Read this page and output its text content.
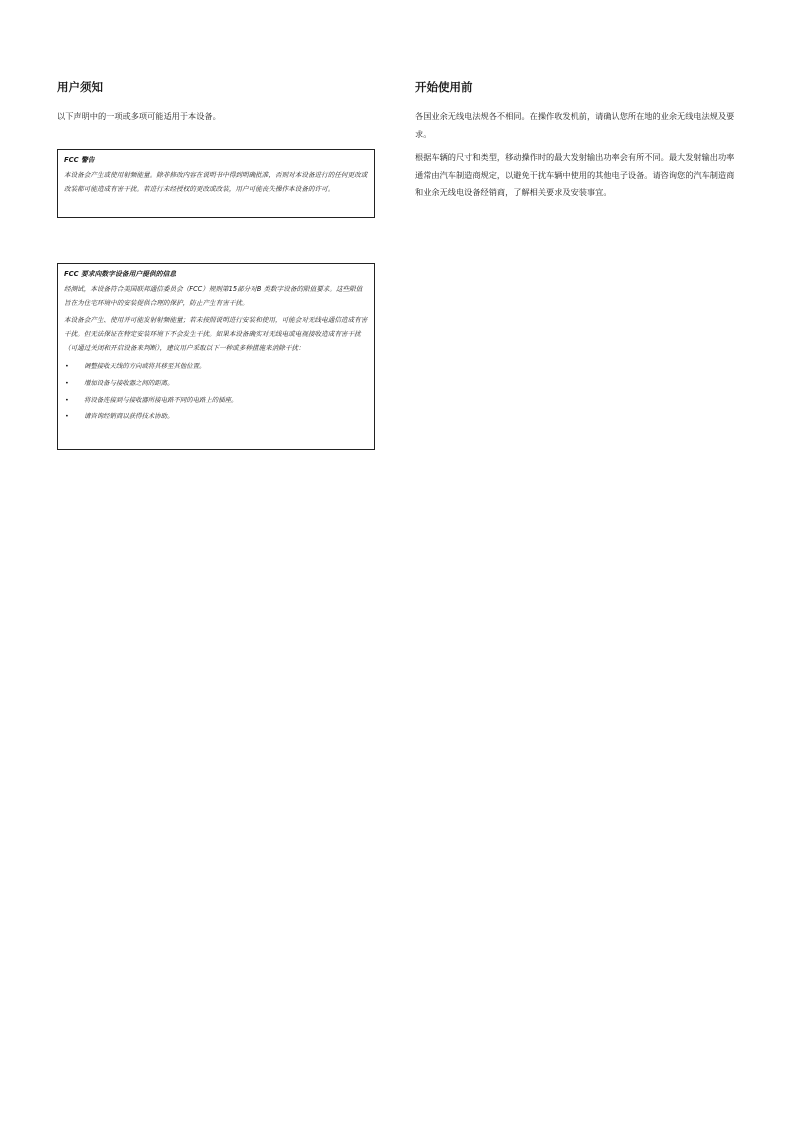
用户须知

以下声明中的一项或多项可能适用于本设备。

FCC 警告

本设备会产生或使用射频能量。除非修改内容在说明书中得到明确批准，否则对本设备进行的任何更改或改装都可能造成有害干扰。若进行未经授权的更改或改装，用户可能丧失操作本设备的许可。

FCC 要求向数字设备用户提供的信息

经测试，本设备符合美国联邦通信委员会（FCC）规则第15部分对B 类数字设备的限值要求。这些限值旨在为住宅环境中的安装提供合理的保护，防止产生有害干扰。

本设备会产生、使用并可能发射射频能量；若未按照说明进行安装和使用，可能会对无线电通信造成有害干扰。但无法保证在特定安装环境下不会发生干扰。如果本设备确实对无线电或电视接收造成有害干扰（可通过关闭和开启设备来判断），建议用户采取以下一种或多种措施来消除干扰：

• 调整接收天线的方向或将其移至其他位置。
• 增加设备与接收器之间的距离。
• 将设备连接到与接收器所接电路不同的电路上的插座。
• 请咨询经销商以获得技术协助。
开始使用前

各国业余无线电法规各不相同。在操作收发机前，请确认您所在地的业余无线电法规及要求。

根据车辆的尺寸和类型，移动操作时的最大发射输出功率会有所不同。最大发射输出功率通常由汽车制造商规定，以避免干扰车辆中使用的其他电子设备。请咨询您的汽车制造商和业余无线电设备经销商，了解相关要求及安装事宜。
